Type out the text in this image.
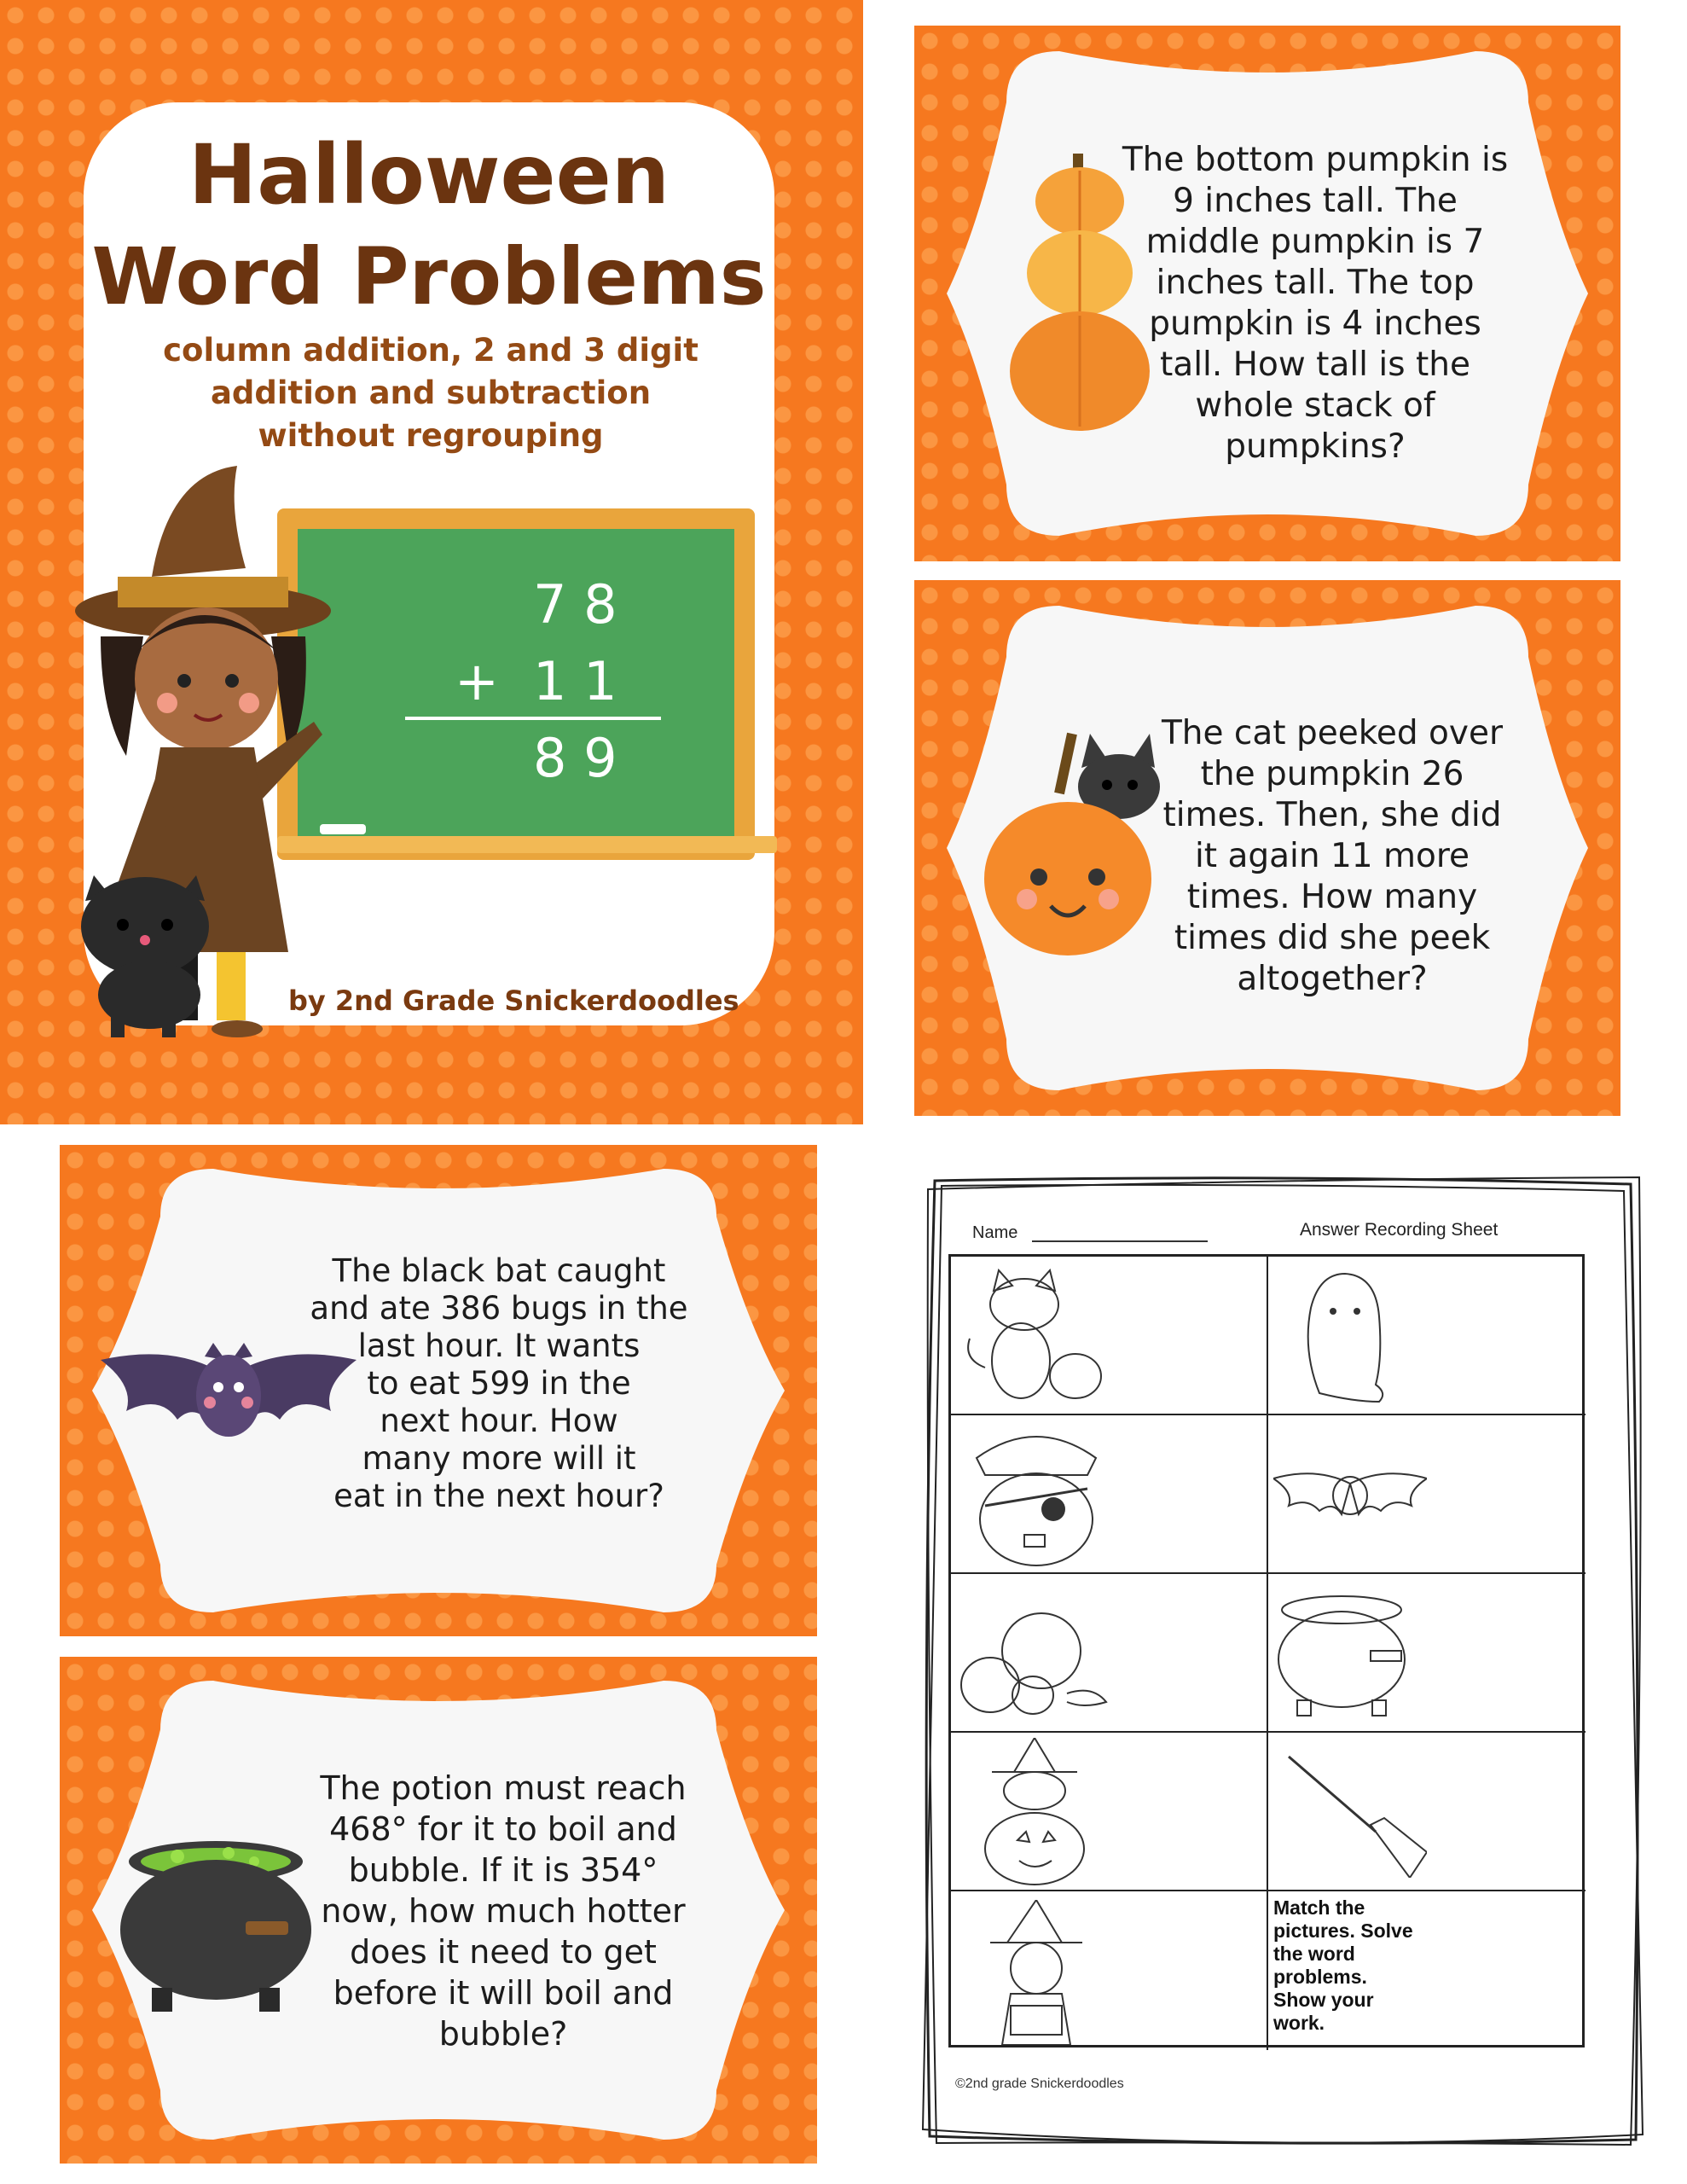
Halloween
Word Problems

column addition, 2 and 3 digit
addition and subtraction
without regrouping

7 8
+ 1 1
8 9
by 2nd Grade Snickerdoodles

The bottom pumpkin is
9 inches tall. The
middle pumpkin is 7
inches tall. The top
pumpkin is 4 inches
tall. How tall is the
whole stack of
pumpkins?

The cat peeked over
the pumpkin 26
times. Then, she did
it again 11 more
times. How many
times did she peek
altogether?

The black bat caught
and ate 386 bugs in the
last hour. It wants
to eat 599 in the
next hour. How
many more will it
eat in the next hour?

The potion must reach
468° for it to boil and
bubble. If it is 354°
now, how much hotter
does it need to get
before it will boil and
bubble?

Name	Answer Recording Sheet
Match the
pictures. Solve
the word
problems.
Show your
work.
©2nd grade Snickerdoodles
